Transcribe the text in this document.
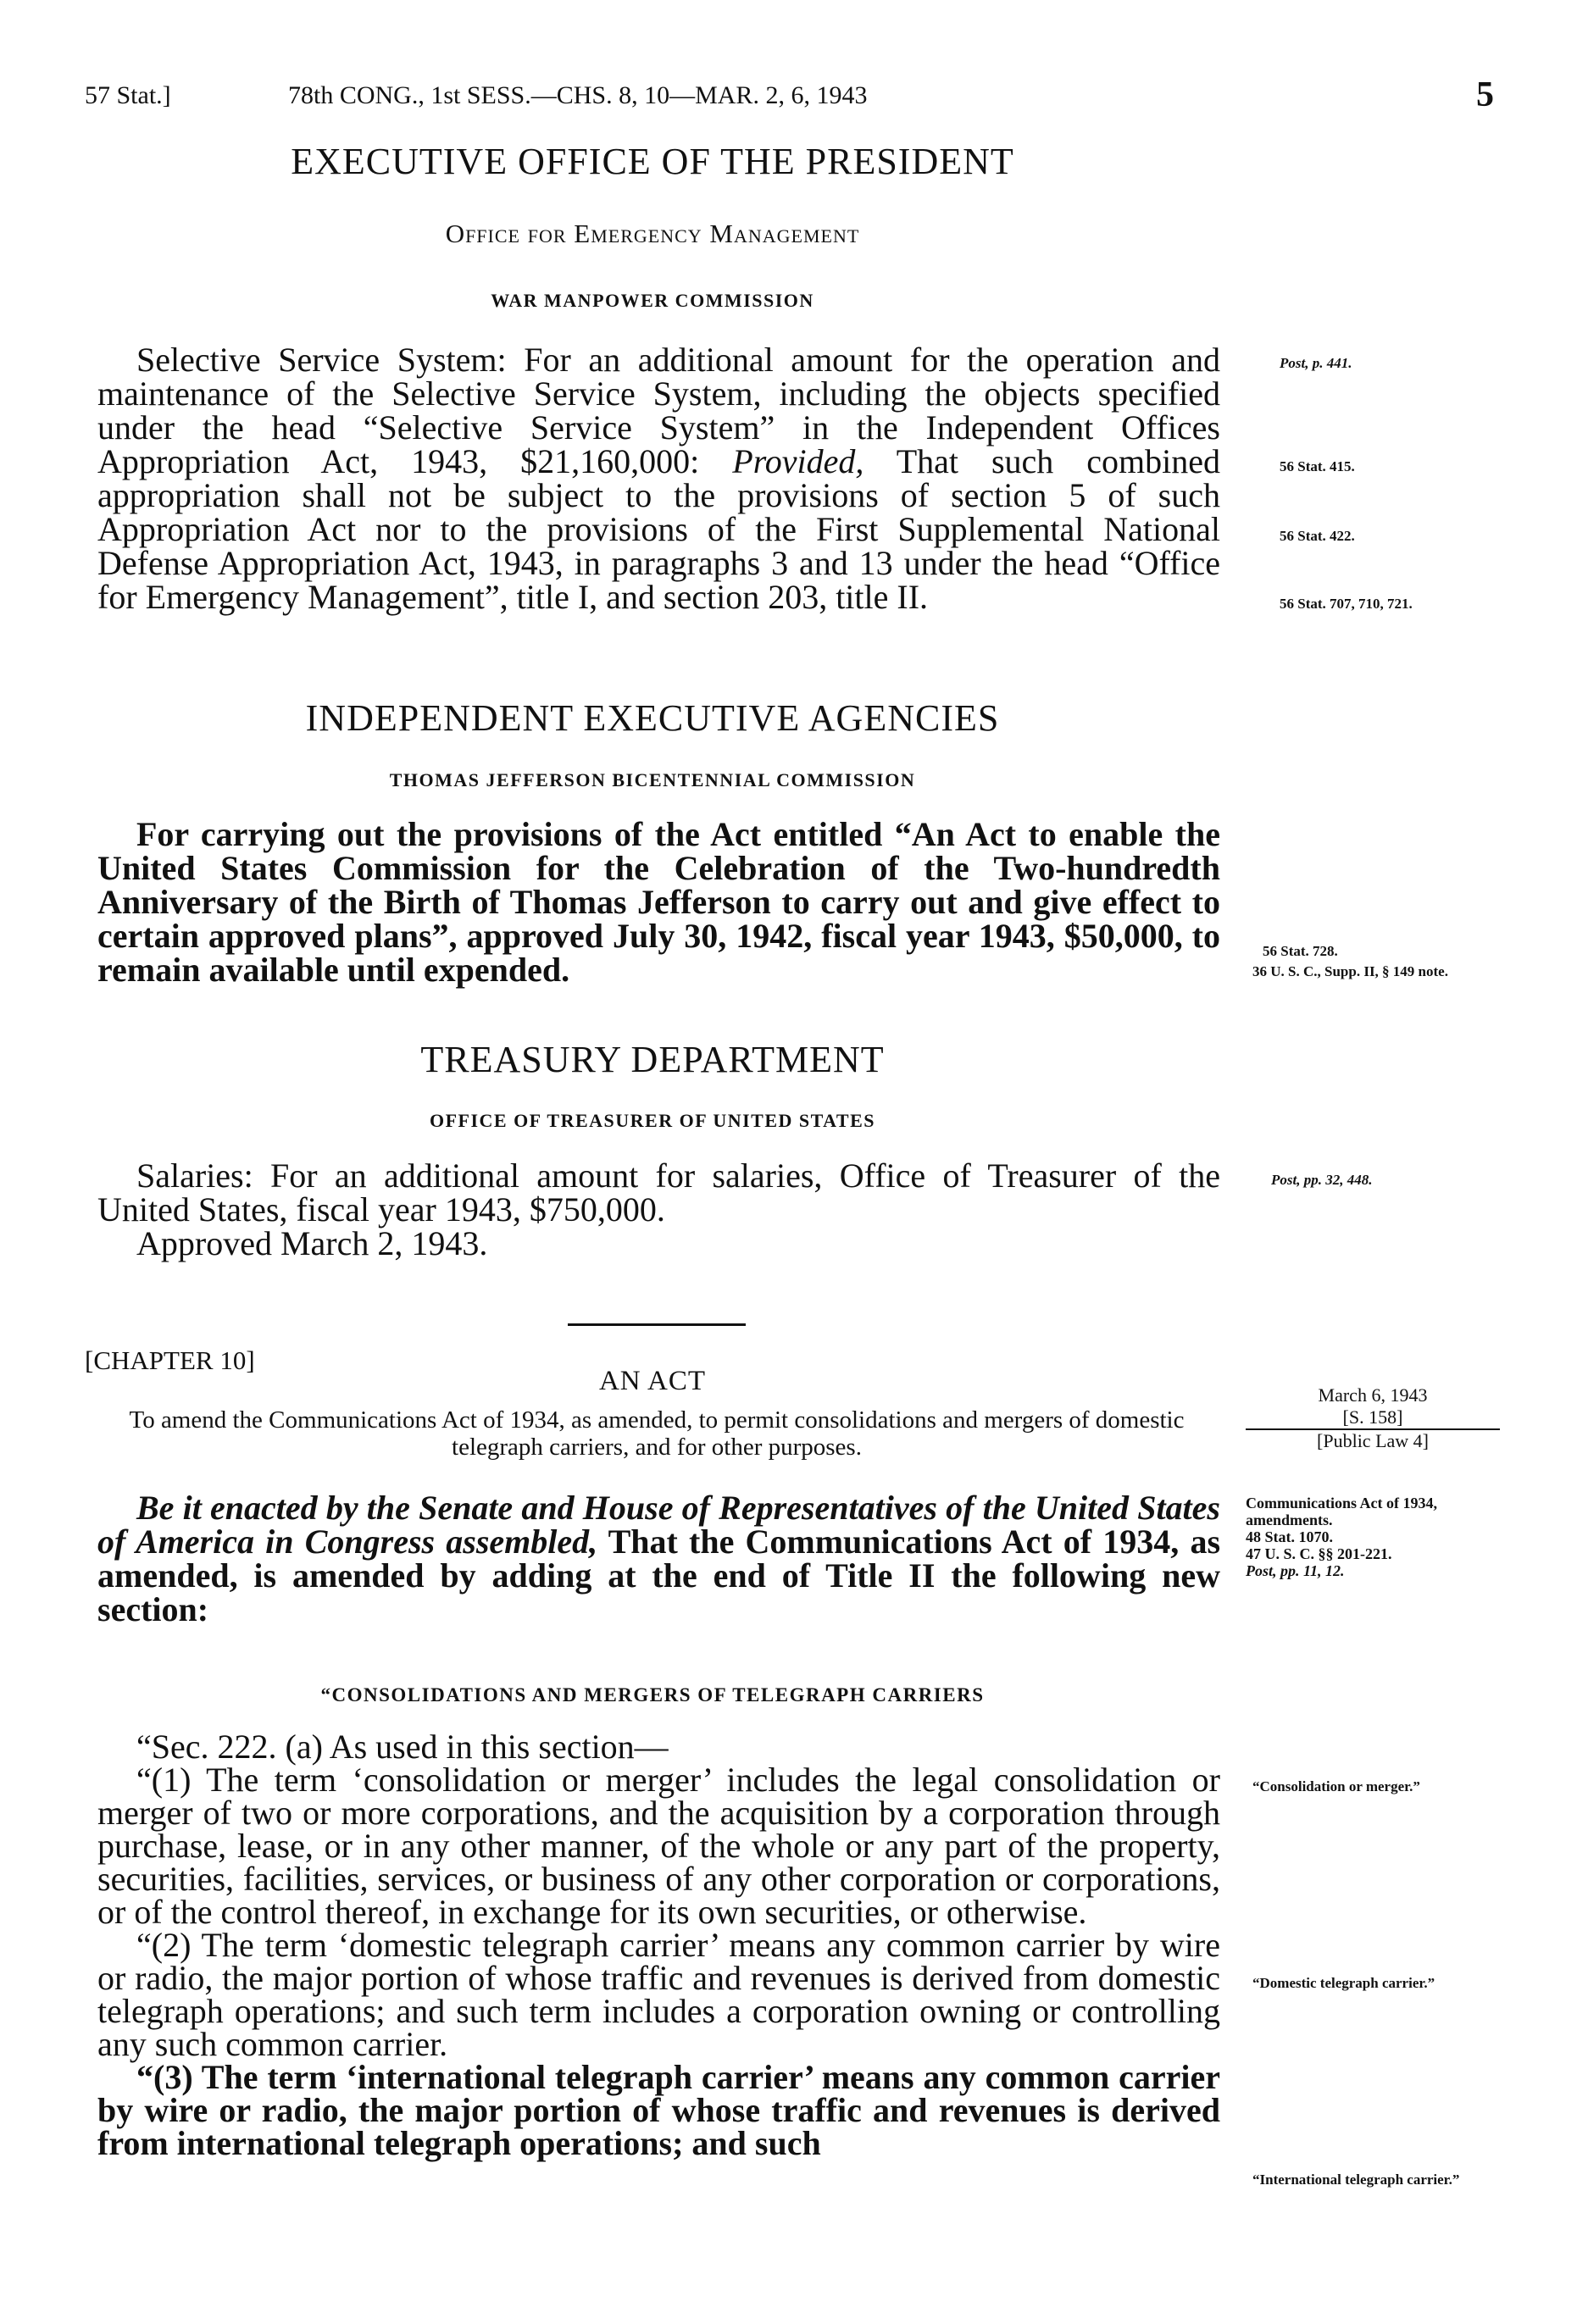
57 Stat.]	78th CONG., 1st SESS.—CHS. 8, 10—MAR. 2, 6, 1943	5
EXECUTIVE OFFICE OF THE PRESIDENT
Office for Emergency Management
WAR MANPOWER COMMISSION

Selective Service System: For an additional amount for the operation and maintenance of the Selective Service System, including the objects specified under the head “Selective Service System” in the Independent Offices Appropriation Act, 1943, $21,160,000: Provided, That such combined appropriation shall not be subject to the provisions of section 5 of such Appropriation Act nor to the provisions of the First Supplemental National Defense Appropriation Act, 1943, in paragraphs 3 and 13 under the head “Office for Emergency Management”, title I, and section 203, title II.

Post, p. 441.
56 Stat. 415.
56 Stat. 422.
56 Stat. 707, 710, 721.
INDEPENDENT EXECUTIVE AGENCIES
THOMAS JEFFERSON BICENTENNIAL COMMISSION

For carrying out the provisions of the Act entitled “An Act to enable the United States Commission for the Celebration of the Two-hundredth Anniversary of the Birth of Thomas Jefferson to carry out and give effect to certain approved plans”, approved July 30, 1942, fiscal year 1943, $50,000, to remain available until expended.	56 Stat. 728.
36 U. S. C., Supp. II, § 149 note.
TREASURY DEPARTMENT
OFFICE OF TREASURER OF UNITED STATES

Salaries: For an additional amount for salaries, Office of Treasurer of the United States, fiscal year 1943, $750,000.

Approved March 2, 1943.

Post, pp. 32, 448.
[CHAPTER 10]
AN ACT
To amend the Communications Act of 1934, as amended, to permit consolidations and mergers of domestic telegraph carriers, and for other purposes.
March 6, 1943
[S. 158]
[Public Law 4]

Be it enacted by the Senate and House of Representatives of the United States of America in Congress assembled, That the Communications Act of 1934, as amended, is amended by adding at the end of Title II the following new section:

Communications Act of 1934, amendments.
48 Stat. 1070.
47 U. S. C. §§ 201-221.
Post, pp. 11, 12.
“CONSOLIDATIONS AND MERGERS OF TELEGRAPH CARRIERS

“Sec. 222. (a) As used in this section—

“(1) The term ‘consolidation or merger’ includes the legal consolidation or merger of two or more corporations, and the acquisition by a corporation through purchase, lease, or in any other manner, of the whole or any part of the property, securities, facilities, services, or business of any other corporation or corporations, or of the control thereof, in exchange for its own securities, or otherwise.

“(2) The term ‘domestic telegraph carrier’ means any common carrier by wire or radio, the major portion of whose traffic and revenues is derived from domestic telegraph operations; and such term includes a corporation owning or controlling any such common carrier.

“(3) The term ‘international telegraph carrier’ means any common carrier by wire or radio, the major portion of whose traffic and revenues is derived from international telegraph operations; and such

“Consolidation or merger.”
“Domestic telegraph carrier.”
“International telegraph carrier.”
